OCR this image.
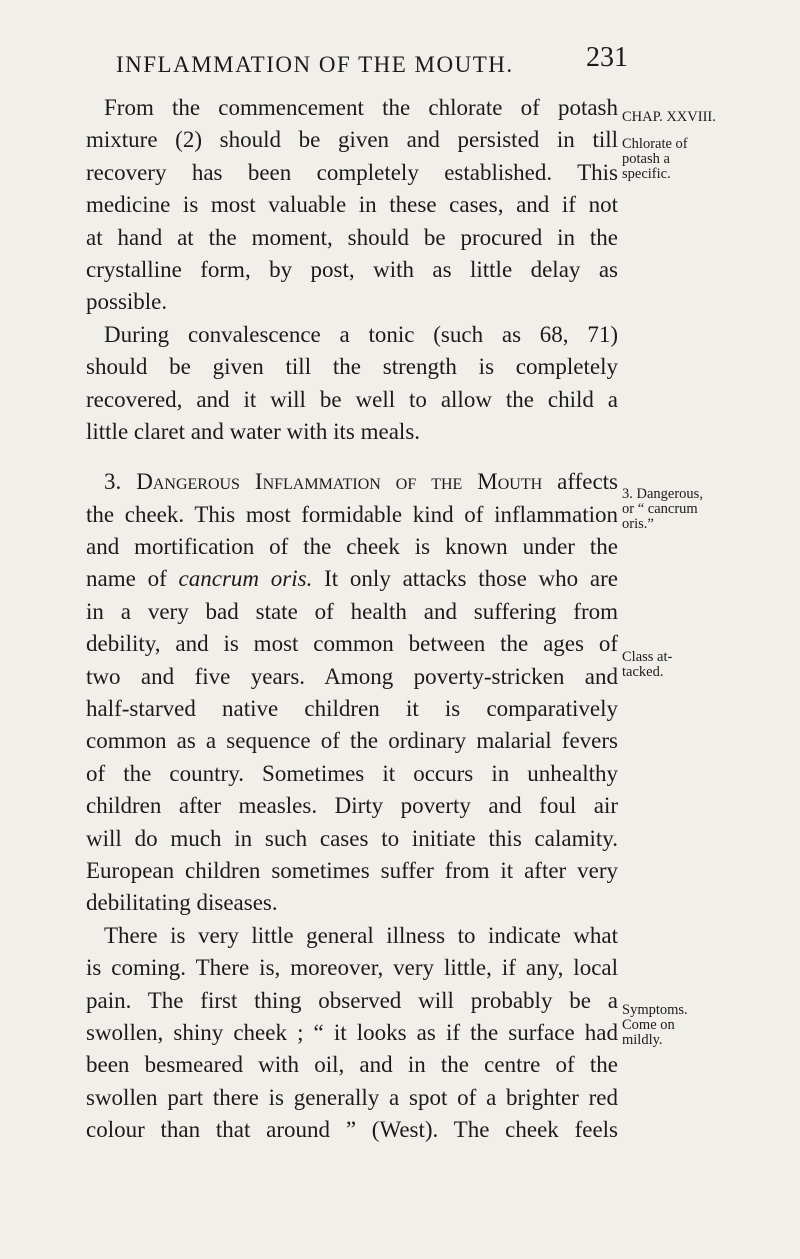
INFLAMMATION OF THE MOUTH.	231
From the commencement the chlorate of potash
mixture (2) should be given and persisted in till
recovery has been completely established. This
medicine is most valuable in these cases, and if not
at hand at the moment, should be procured in the
crystalline form, by post, with as little delay as
possible.
During convalescence a tonic (such as 68, 71)
should be given till the strength is completely
recovered, and it will be well to allow the child a
little claret and water with its meals.
3. Dangerous Inflammation of the Mouth affects
the cheek. This most formidable kind of inflammation
and mortification of the cheek is known under the
name of cancrum oris. It only attacks those who are
in a very bad state of health and suffering from
debility, and is most common between the ages of
two and five years. Among poverty-stricken and
half-starved native children it is comparatively
common as a sequence of the ordinary malarial fevers
of the country. Sometimes it occurs in unhealthy
children after measles. Dirty poverty and foul air
will do much in such cases to initiate this calamity.
European children sometimes suffer from it after very
debilitating diseases.
There is very little general illness to indicate what
is coming. There is, moreover, very little, if any, local
pain. The first thing observed will probably be a
swollen, shiny cheek ; “ it looks as if the surface had
been besmeared with oil, and in the centre of the
swollen part there is generally a spot of a brighter red
colour than that around ” (West). The cheek feels
CHAP. XXVIII.
Chlorate of
potash a
specific.
3. Dangerous,
or “ cancrum
oris.”
Class at-
tacked.
Symptoms.
Come on
mildly.
